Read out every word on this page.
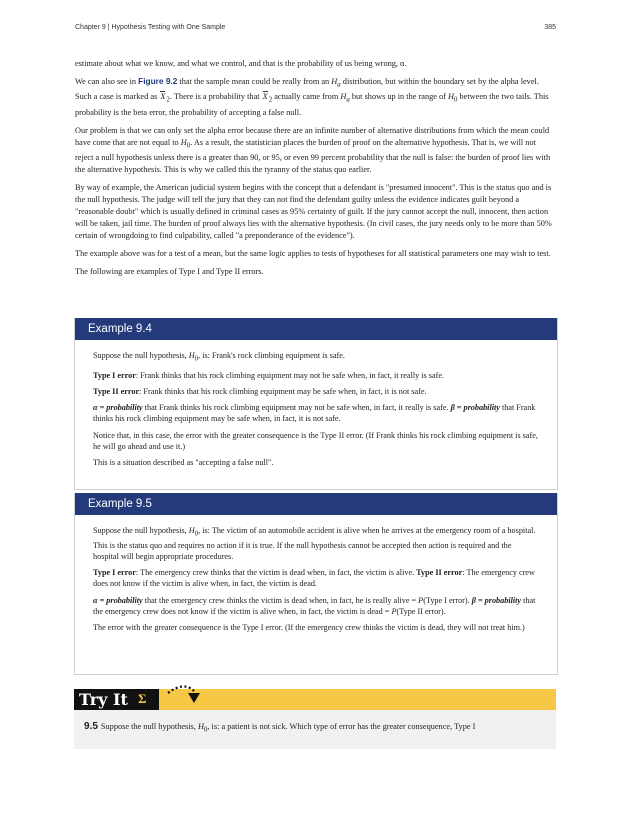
Chapter 9 | Hypothesis Testing with One Sample	385

estimate about what we know, and what we control, and that is the probability of us being wrong, α.

We can also see in Figure 9.2 that the sample mean could be really from an $H_a$ distribution, but within the boundary set by the alpha level. Such a case is marked as $X_2$. There is a probability that $X_2$ actually came from $H_a$ but shows up in the range of $H_0$ between the two tails. This probability is the beta error, the probability of accepting a false null.

Our problem is that we can only set the alpha error because there are an infinite number of alternative distributions from which the mean could have come that are not equal to $H_0$. As a result, the statistician places the burden of proof on the alternative hypothesis. That is, we will not reject a null hypothesis unless there is a greater than 90, or 95, or even 99 percent probability that the null is false: the burden of proof lies with the alternative hypothesis. This is why we called this the tyranny of the status quo earlier.

By way of example, the American judicial system begins with the concept that a defendant is "presumed innocent". This is the status quo and is the null hypothesis. The judge will tell the jury that they can not find the defendant guilty unless the evidence indicates guilt beyond a "reasonable doubt" which is usually defined in criminal cases as 95% certainty of guilt. If the jury cannot accept the null, innocent, then action will be taken, jail time. The burden of proof always lies with the alternative hypothesis. (In civil cases, the jury needs only to be more than 50% certain of wrongdoing to find culpability, called "a preponderance of the evidence").

The example above was for a test of a mean, but the same logic applies to tests of hypotheses for all statistical parameters one may wish to test.

The following are examples of Type I and Type II errors.

Example 9.4

Suppose the null hypothesis, $H_0$, is: Frank's rock climbing equipment is safe.

Type I error: Frank thinks that his rock climbing equipment may not be safe when, in fact, it really is safe.

Type II error: Frank thinks that his rock climbing equipment may be safe when, in fact, it is not safe.

α = probability that Frank thinks his rock climbing equipment may not be safe when, in fact, it really is safe. β = probability that Frank thinks his rock climbing equipment may be safe when, in fact, it is not safe.

Notice that, in this case, the error with the greater consequence is the Type II error. (If Frank thinks his rock climbing equipment is safe, he will go ahead and use it.)

This is a situation described as "accepting a false null".

Example 9.5

Suppose the null hypothesis, $H_0$, is: The victim of an automobile accident is alive when he arrives at the emergency room of a hospital. This is the status quo and requires no action if it is true. If the null hypothesis cannot be accepted then action is required and the hospital will begin appropriate procedures.

Type I error: The emergency crew thinks that the victim is dead when, in fact, the victim is alive. Type II error: The emergency crew does not know if the victim is alive when, in fact, the victim is dead.

α = probability that the emergency crew thinks the victim is dead when, in fact, he is really alive = P(Type I error). β = probability that the emergency crew does not know if the victim is alive when, in fact, the victim is dead = P(Type II error).

The error with the greater consequence is the Type I error. (If the emergency crew thinks the victim is dead, they will not treat him.)

Try It Σ
9.5 Suppose the null hypothesis, $H_0$, is: a patient is not sick. Which type of error has the greater consequence, Type I
